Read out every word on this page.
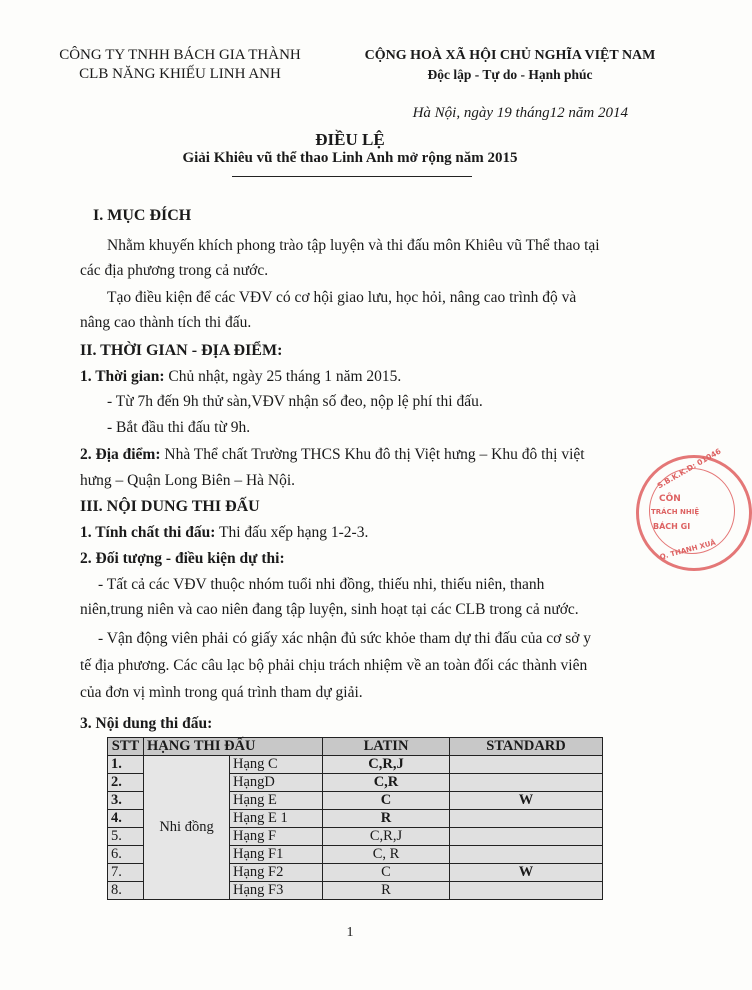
CÔNG TY TNHH BÁCH GIA THÀNH
CLB NĂNG KHIẾU LINH ANH
CỘNG HOÀ XÃ HỘI CHỦ NGHĨA VIỆT NAM
Độc lập - Tự do - Hạnh phúc
Hà Nội, ngày 19 tháng12 năm 2014
ĐIỀU LỆ
Giải Khiêu vũ thể thao Linh Anh mở rộng năm 2015
I. MỤC ĐÍCH
Nhằm khuyến khích phong trào tập luyện và thi đấu môn Khiêu vũ Thể thao tại
các địa phương trong cả nước.
Tạo điều kiện để các VĐV có cơ hội giao lưu, học hỏi, nâng cao trình độ và
nâng cao thành tích thi đấu.
II. THỜI GIAN - ĐỊA ĐIỂM:
1. Thời gian: Chủ nhật, ngày 25 tháng 1 năm 2015.
- Từ 7h đến 9h thử sàn,VĐV nhận số đeo, nộp lệ phí thi đấu.
- Bắt đầu thi đấu từ 9h.
2. Địa điểm: Nhà Thể chất Trường THCS Khu đô thị Việt hưng – Khu đô thị việt
hưng – Quận Long Biên – Hà Nội.
III. NỘI DUNG THI ĐẤU
1. Tính chất thi đấu: Thi đấu xếp hạng 1-2-3.
2. Đối tượng - điều kiện dự thi:
- Tất cả các VĐV thuộc nhóm tuổi nhi đồng, thiếu nhi, thiếu niên, thanh
niên,trung niên và cao niên đang tập luyện, sinh hoạt tại các CLB trong cả nước.
- Vận động viên phải có giấy xác nhận đủ sức khỏe tham dự thi đấu của cơ sở y
tế địa phương. Các câu lạc bộ phải chịu trách nhiệm về an toàn đối các thành viên
của đơn vị mình trong quá trình tham dự giải.
3. Nội dung thi đấu:
STT	HẠNG THI ĐẤU		LATIN	STANDARD
1.	Nhi đồng	Hạng C	C,R,J	
2.		HạngD	C,R	
3.		Hạng E	C	W
4.		Hạng E 1	R	
5.		Hạng F	C,R,J	
6.		Hạng F1	C, R	
7.		Hạng F2	C	W
8.		Hạng F3	R	
S.B.K.K.D: 01046
CÔN
TRÁCH NHIỆ
BÁCH GI
Q. THANH XUÂ
1
